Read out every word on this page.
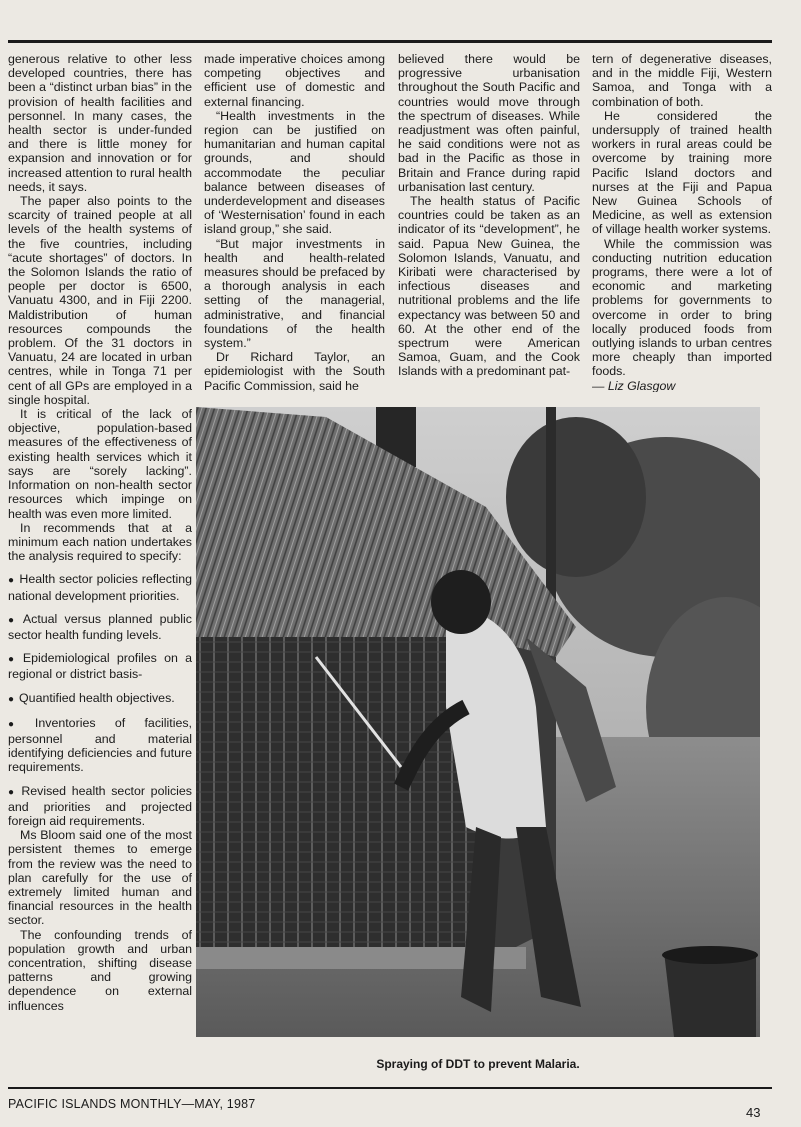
generous relative to other less developed countries, there has been a “distinct urban bias” in the provision of health facilities and personnel. In many cases, the health sector is under-funded and there is little money for expansion and innovation or for increased attention to rural health needs, it says.

The paper also points to the scarcity of trained people at all levels of the health systems of the five countries, including “acute shortages” of doctors. In the Solomon Islands the ratio of people per doctor is 6500, Vanuatu 4300, and in Fiji 2200. Maldistribution of human resources compounds the problem. Of the 31 doctors in Vanuatu, 24 are located in urban centres, while in Tonga 71 per cent of all GPs are employed in a single hospital.

It is critical of the lack of objective, population-based measures of the effectiveness of existing health services which it says are “sorely lacking”. Information on non-health sector resources which impinge on health was even more limited.

In recommends that at a minimum each nation undertakes the analysis required to specify:

● Health sector policies reflecting national development priorities.

● Actual versus planned public sector health funding levels.

● Epidemiological profiles on a regional or district basis-

● Quantified health objectives.

● Inventories of facilities, personnel and material identifying deficiencies and future requirements.

● Revised health sector policies and priorities and projected foreign aid requirements.

Ms Bloom said one of the most persistent themes to emerge from the review was the need to plan carefully for the use of extremely limited human and financial resources in the health sector.

The confounding trends of population growth and urban concentration, shifting disease patterns and growing dependence on external influences

made imperative choices among competing objectives and efficient use of domestic and external financing.

“Health investments in the region can be justified on humanitarian and human capital grounds, and should accommodate the peculiar balance between diseases of underdevelopment and diseases of ‘Westernisation’ found in each island group,” she said.

“But major investments in health and health-related measures should be prefaced by a thorough analysis in each setting of the managerial, administrative, and financial foundations of the health system.”

Dr Richard Taylor, an epidemiologist with the South Pacific Commission, said he

believed there would be progressive urbanisation throughout the South Pacific and countries would move through the spectrum of diseases. While readjustment was often painful, he said conditions were not as bad in the Pacific as those in Britain and France during rapid urbanisation last century.

The health status of Pacific countries could be taken as an indicator of its “development”, he said. Papua New Guinea, the Solomon Islands, Vanuatu, and Kiribati were characterised by infectious diseases and nutritional problems and the life expectancy was between 50 and 60. At the other end of the spectrum were American Samoa, Guam, and the Cook Islands with a predominant pat-

tern of degenerative diseases, and in the middle Fiji, Western Samoa, and Tonga with a combination of both.

He considered the undersupply of trained health workers in rural areas could be overcome by training more Pacific Island doctors and nurses at the Fiji and Papua New Guinea Schools of Medicine, as well as extension of village health worker systems.

While the commission was conducting nutrition education programs, there were a lot of economic and marketing problems for governments to overcome in order to bring locally produced foods from outlying islands to urban centres more cheaply than imported foods.

— Liz Glasgow

Spraying of DDT to prevent Malaria.
PACIFIC ISLANDS MONTHLY—MAY, 1987
43
